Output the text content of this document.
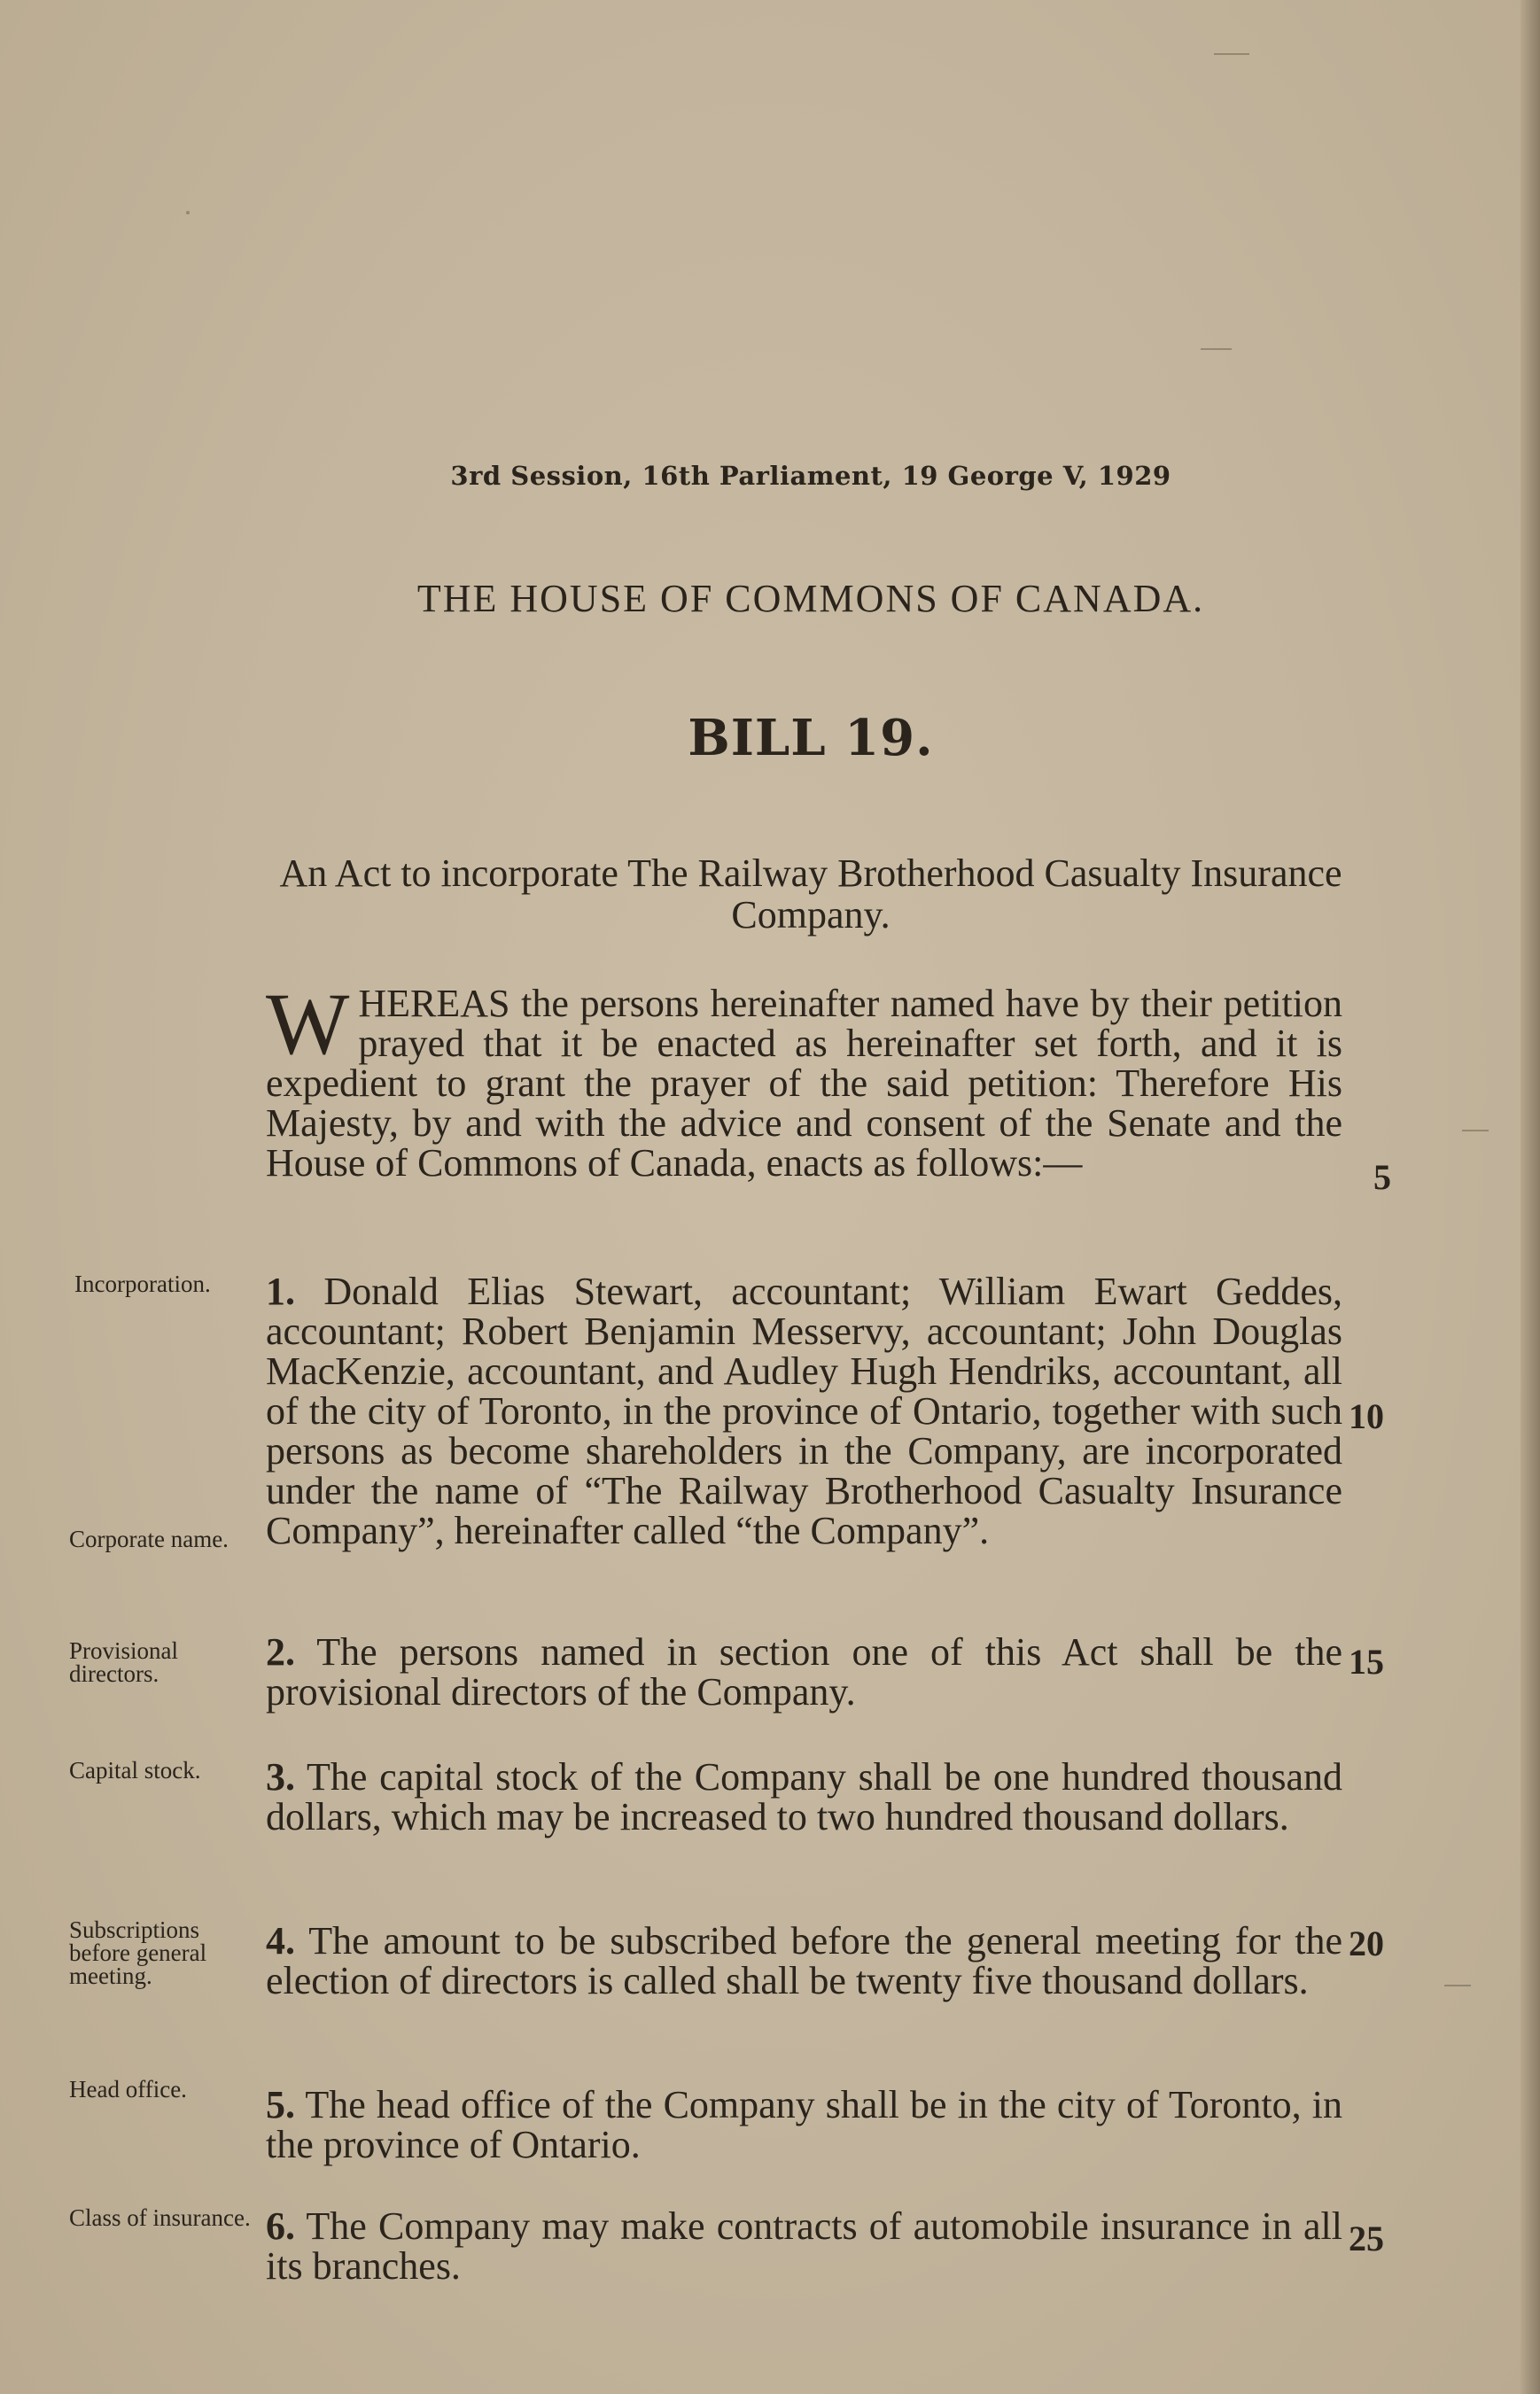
3rd Session, 16th Parliament, 19 George V, 1929
THE HOUSE OF COMMONS OF CANADA.
BILL 19.
An Act to incorporate The Railway Brotherhood Casualty Insurance Company.
WHEREAS the persons hereinafter named have by their petition prayed that it be enacted as hereinafter set forth, and it is expedient to grant the prayer of the said petition: Therefore His Majesty, by and with the advice and consent of the Senate and the House of Commons of Canada, enacts as follows:—
1. Donald Elias Stewart, accountant; William Ewart Geddes, accountant; Robert Benjamin Messervy, accountant; John Douglas MacKenzie, accountant, and Audley Hugh Hendriks, accountant, all of the city of Toronto, in the province of Ontario, together with such persons as become shareholders in the Company, are incorporated under the name of “The Railway Brotherhood Casualty Insurance Company”, hereinafter called “the Company”.
2. The persons named in section one of this Act shall be the provisional directors of the Company.
3. The capital stock of the Company shall be one hundred thousand dollars, which may be increased to two hundred thousand dollars.
4. The amount to be subscribed before the general meeting for the election of directors is called shall be twenty five thousand dollars.
5. The head office of the Company shall be in the city of Toronto, in the province of Ontario.
6. The Company may make contracts of automobile insurance in all its branches.
Incorporation.
Corporate name.
Provisional directors.
Capital stock.
Subscriptions before general meeting.
Head office.
Class of insurance.
5
10
15
20
25
